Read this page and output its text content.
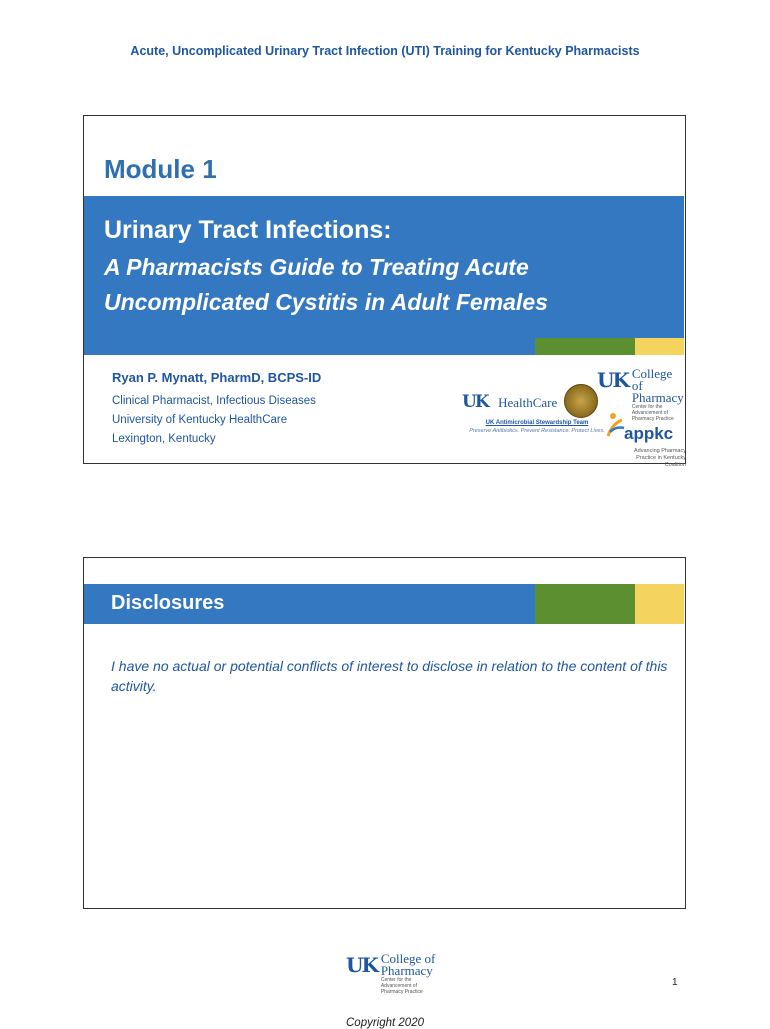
Acute, Uncomplicated Urinary Tract Infection (UTI) Training for Kentucky Pharmacists
Module 1
Urinary Tract Infections:
A Pharmacists Guide to Treating Acute
Uncomplicated Cystitis in Adult Females
Ryan P. Mynatt, PharmD, BCPS-ID
Clinical Pharmacist, Infectious Diseases
University of Kentucky HealthCare
Lexington, Kentucky
UK HealthCare
UK Antimicrobial Stewardship Team
Preserve Antibiotics. Prevent Resistance. Protect Lives.
UK College of
Pharmacy
Center for the Advancement of Pharmacy Practice
appkc
Advancing Pharmacy Practice in Kentucky Coalition
Disclosures
I have no actual or potential conflicts of interest to disclose in relation to the content of this activity.
UK College of
Pharmacy
Center for the Advancement of Pharmacy Practice
1
Copyright 2020
